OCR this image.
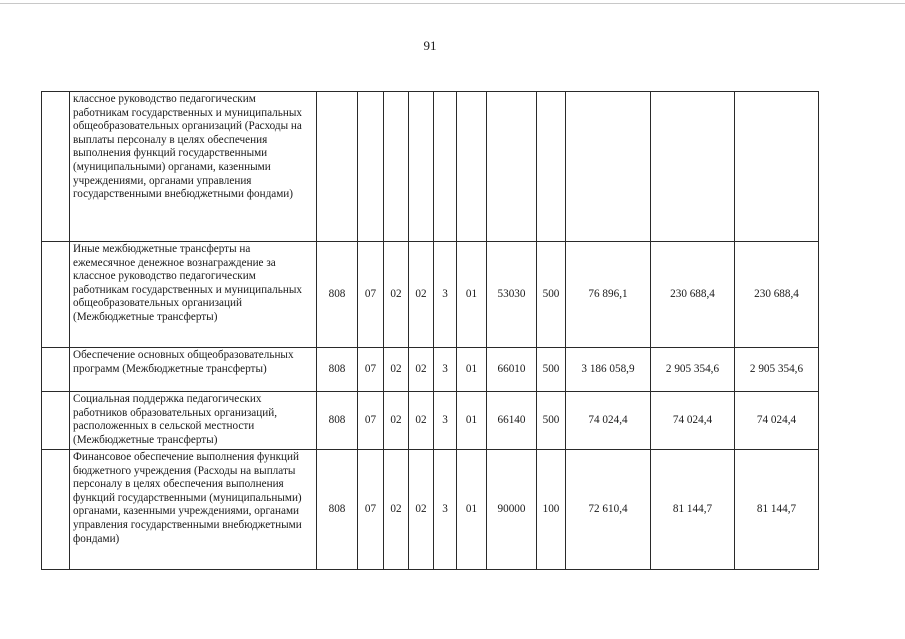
91
	классное руководство педагогическим работникам государственных и муниципальных общеобразовательных организаций (Расходы на выплаты персоналу в целях обеспечения выполнения функций государственными (муниципальными) органами, казенными учреждениями, органами управления государственными внебюджетными фондами)											
	Иные межбюджетные трансферты на ежемесячное денежное вознаграждение за классное руководство педагогическим работникам государственных и муниципальных общеобразовательных организаций (Межбюджетные трансферты)	808	07	02	02	3	01	53030	500	76 896,1	230 688,4	230 688,4
	Обеспечение основных общеобразовательных программ (Межбюджетные трансферты)	808	07	02	02	3	01	66010	500	3 186 058,9	2 905 354,6	2 905 354,6
	Социальная поддержка педагогических работников образовательных организаций, расположенных в сельской местности (Межбюджетные трансферты)	808	07	02	02	3	01	66140	500	74 024,4	74 024,4	74 024,4
	Финансовое обеспечение выполнения функций бюджетного учреждения (Расходы на выплаты персоналу в целях обеспечения выполнения функций государственными (муниципальными) органами, казенными учреждениями, органами управления государственными внебюджетными фондами)	808	07	02	02	3	01	90000	100	72 610,4	81 144,7	81 144,7
